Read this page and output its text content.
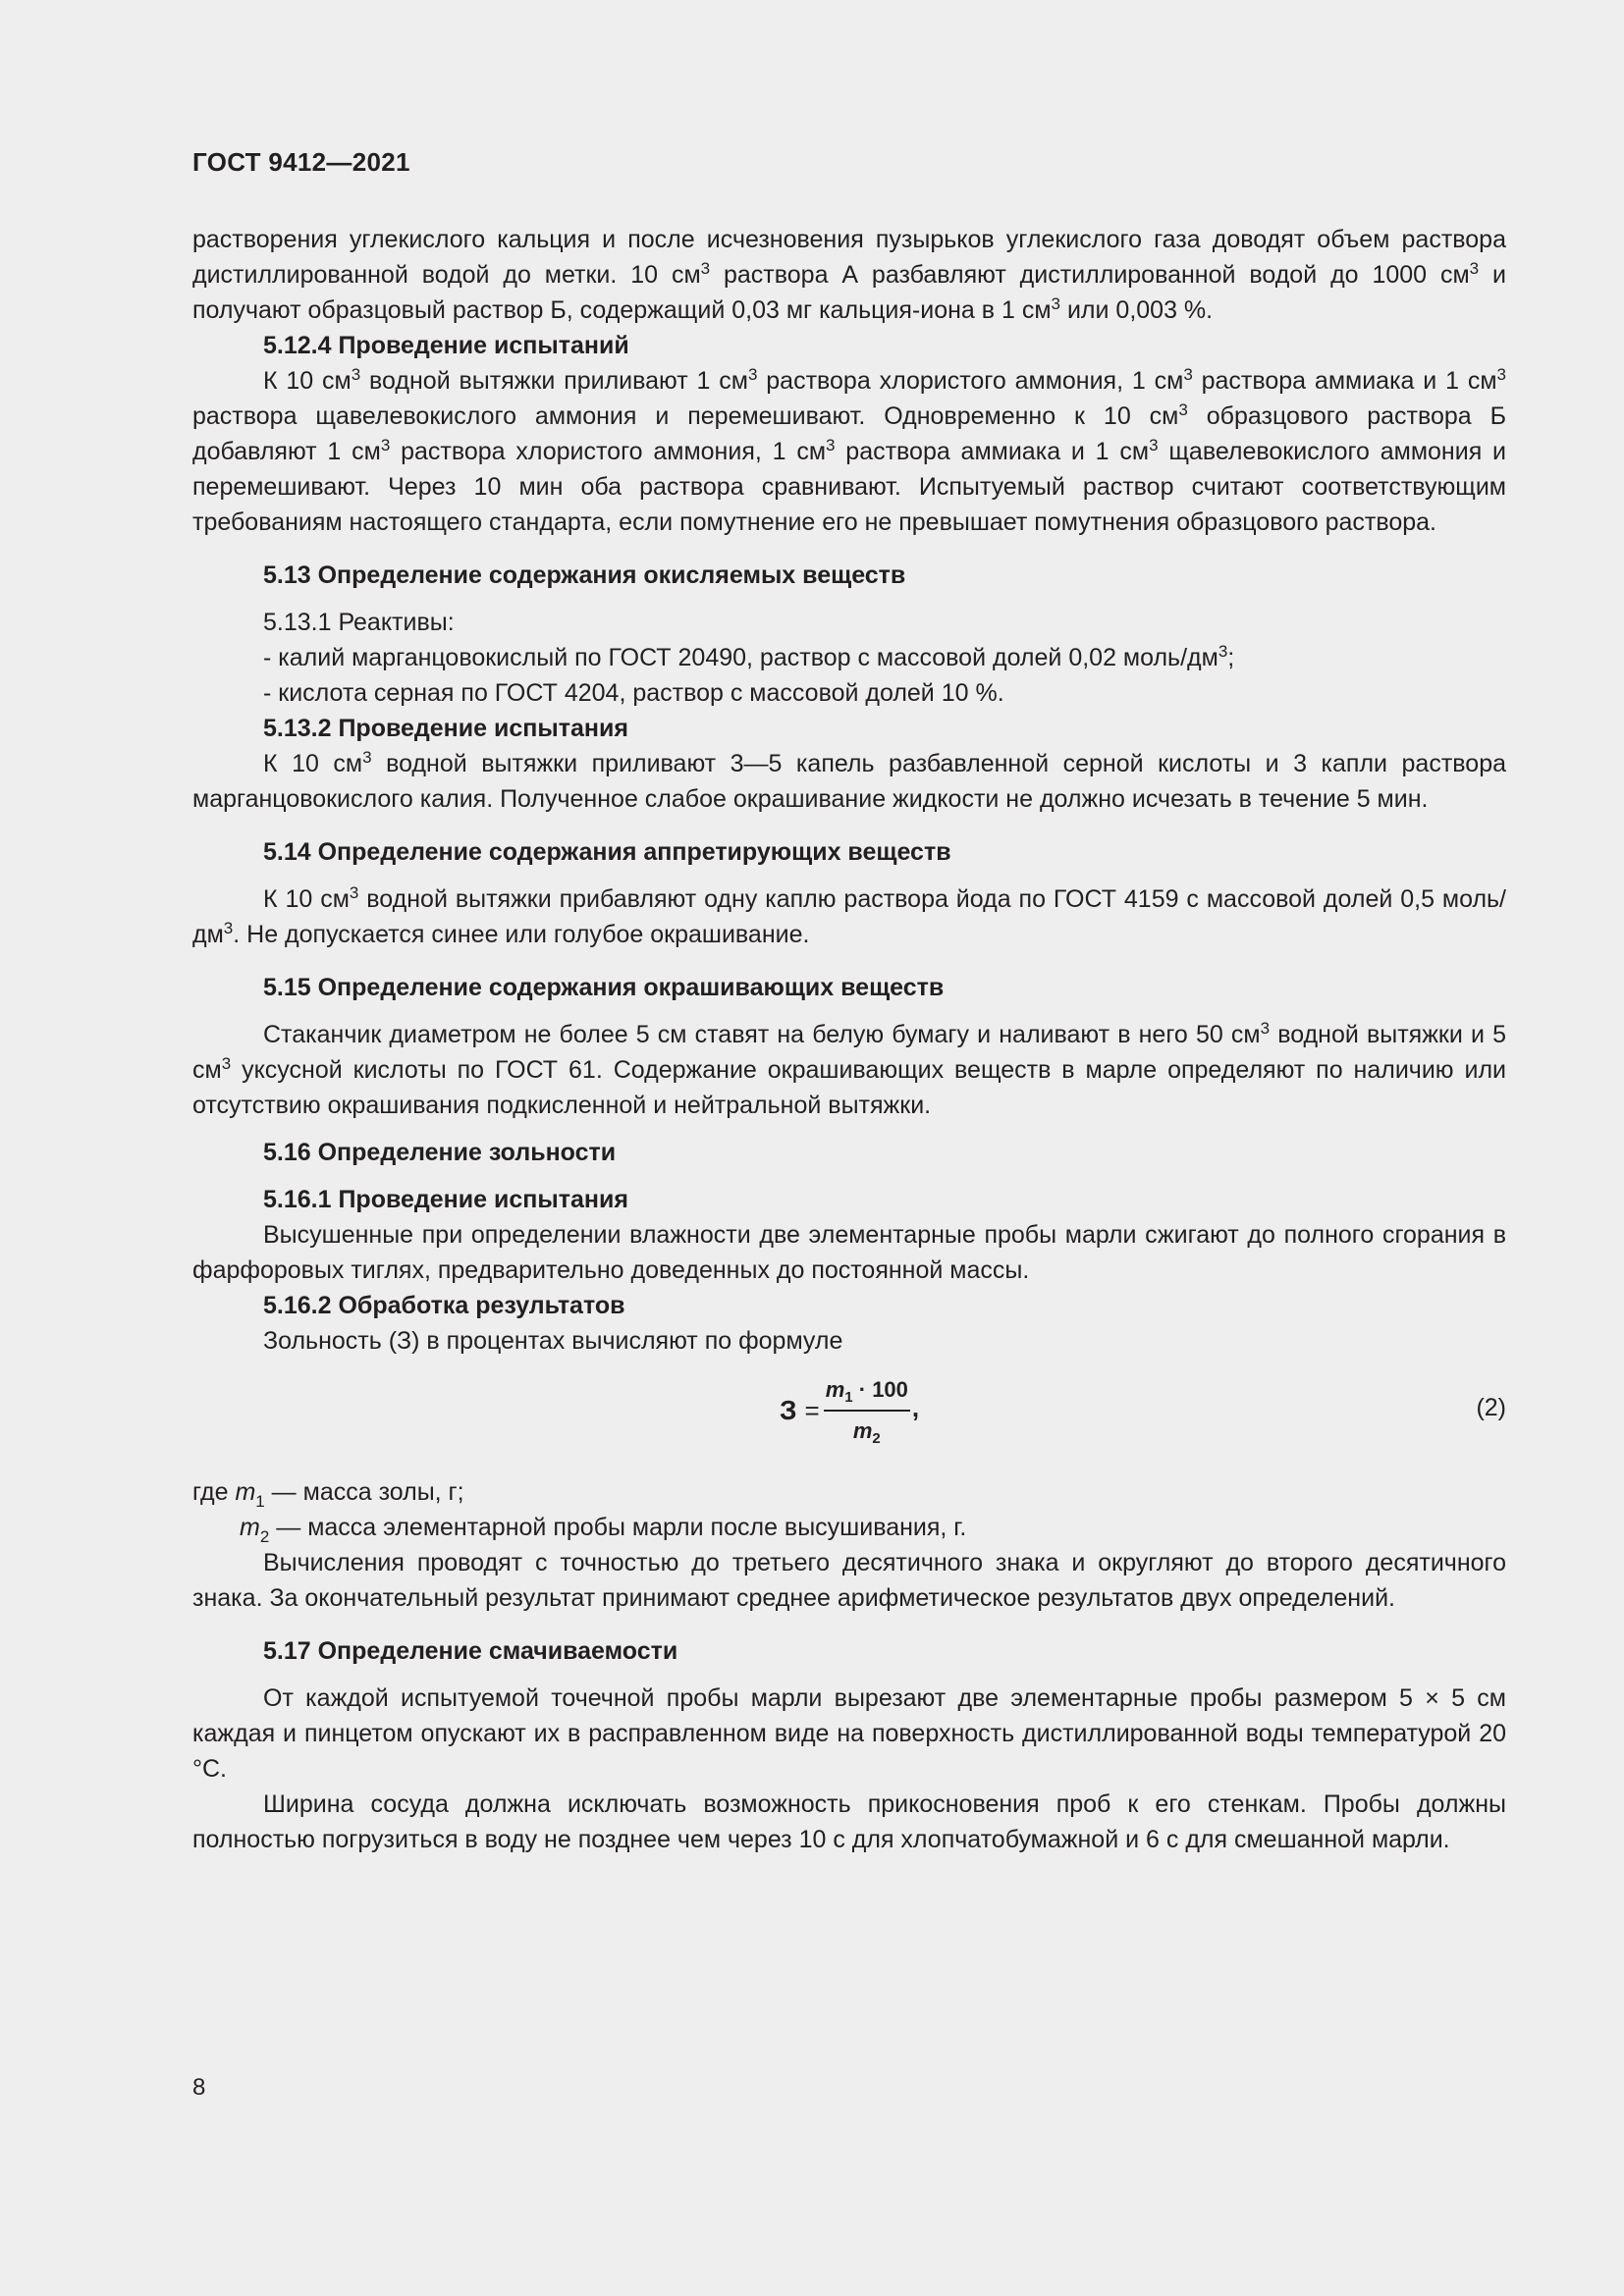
ГОСТ 9412—2021

растворения углекислого кальция и после исчезновения пузырьков углекислого газа доводят объем раствора дистиллированной водой до метки. 10 $см^3$ раствора А разбавляют дистиллированной водой до 1000 $см^3$ и получают образцовый раствор Б, содержащий 0,03 мг кальция-иона в 1 $см^3$ или 0,003 %.

5.12.4 Проведение испытаний

К 10 $см^3$ водной вытяжки приливают 1 $см^3$ раствора хлористого аммония, 1 $см^3$ раствора аммиака и 1 $см^3$ раствора щавелевокислого аммония и перемешивают. Одновременно к 10 $см^3$ образцового раствора Б добавляют 1 $см^3$ раствора хлористого аммония, 1 $см^3$ раствора аммиака и 1 $см^3$ щавелевокислого аммония и перемешивают. Через 10 мин оба раствора сравнивают. Испытуемый раствор считают соответствующим требованиям настоящего стандарта, если помутнение его не превышает помутнения образцового раствора.

5.13 Определение содержания окисляемых веществ

5.13.1 Реактивы:

- калий марганцовокислый по ГОСТ 20490, раствор с массовой долей 0,02 моль/$дм^3$;

- кислота серная по ГОСТ 4204, раствор с массовой долей 10 %.

5.13.2 Проведение испытания

К 10 $см^3$ водной вытяжки приливают 3—5 капель разбавленной серной кислоты и 3 капли раствора марганцовокислого калия. Полученное слабое окрашивание жидкости не должно исчезать в течение 5 мин.

5.14 Определение содержания аппретирующих веществ

К 10 $см^3$ водной вытяжки прибавляют одну каплю раствора йода по ГОСТ 4159 с массовой долей 0,5 моль/$дм^3$. Не допускается синее или голубое окрашивание.

5.15 Определение содержания окрашивающих веществ

Стаканчик диаметром не более 5 см ставят на белую бумагу и наливают в него 50 $см^3$ водной вытяжки и 5 $см^3$ уксусной кислоты по ГОСТ 61. Содержание окрашивающих веществ в марле определяют по наличию или отсутствию окрашивания подкисленной и нейтральной вытяжки.

5.16 Определение зольности

5.16.1 Проведение испытания

Высушенные при определении влажности две элементарные пробы марли сжигают до полного сгорания в фарфоровых тиглях, предварительно доведенных до постоянной массы.

5.16.2 Обработка результатов

Зольность (З) в процентах вычисляют по формуле

$З = \frac{m_1 \cdot 100}{m_2}$ ,	(2)

где $m_1$ — масса золы, г;

$m_2$ — масса элементарной пробы марли после высушивания, г.

Вычисления проводят с точностью до третьего десятичного знака и округляют до второго десятичного знака. За окончательный результат принимают среднее арифметическое результатов двух определений.

5.17 Определение смачиваемости

От каждой испытуемой точечной пробы марли вырезают две элементарные пробы размером 5 × 5 см каждая и пинцетом опускают их в расправленном виде на поверхность дистиллированной воды температурой 20 °С.

Ширина сосуда должна исключать возможность прикосновения проб к его стенкам. Пробы должны полностью погрузиться в воду не позднее чем через 10 с для хлопчатобумажной и 6 с для смешанной марли.

8
